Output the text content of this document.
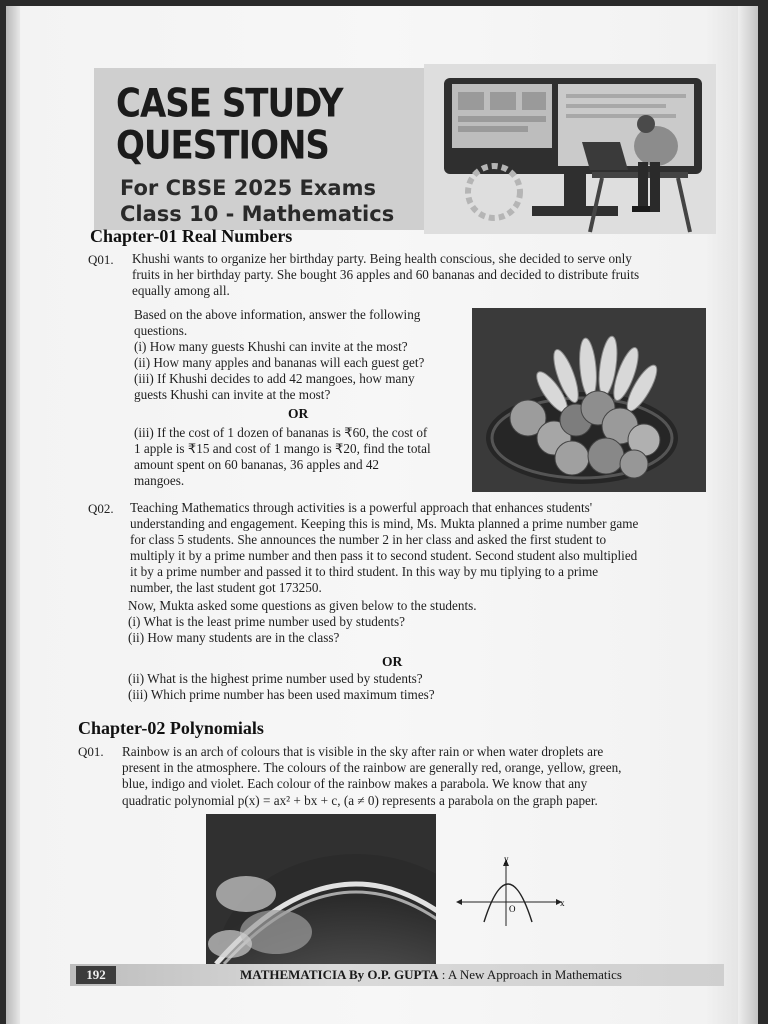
CASE STUDY
QUESTIONS
For CBSE 2025 Exams
Class 10 - Mathematics
Chapter-01 Real Numbers
Q01. Khushi wants to organize her birthday party. Being health conscious, she decided to serve only
fruits in her birthday party. She bought 36 apples and 60 bananas and decided to distribute fruits
equally among all.
Based on the above information, answer the following
questions.
(i) How many guests Khushi can invite at the most?
(ii) How many apples and bananas will each guest get?
(iii) If Khushi decides to add 42 mangoes, how many
guests Khushi can invite at the most?
OR
(iii) If the cost of 1 dozen of bananas is ₹60, the cost of
1 apple is ₹15 and cost of 1 mango is ₹20, find the total
amount spent on 60 bananas, 36 apples and 42
mangoes.
Q02. Teaching Mathematics through activities is a powerful approach that enhances students'
understanding and engagement. Keeping this is mind, Ms. Mukta planned a prime number game
for class 5 students. She announces the number 2 in her class and asked the first student to
multiply it by a prime number and then pass it to second student. Second student also multiplied
it by a prime number and passed it to third student. In this way by mu tiplying to a prime
number, the last student got 173250.
Now, Mukta asked some questions as given below to the students.
(i) What is the least prime number used by students?
(ii) How many students are in the class?
OR
(ii) What is the highest prime number used by students?
(iii) Which prime number has been used maximum times?
Chapter-02 Polynomials
Q01. Rainbow is an arch of colours that is visible in the sky after rain or when water droplets are
present in the atmosphere. The colours of the rainbow are generally red, orange, yellow, green,
blue, indigo and violet. Each colour of the rainbow makes a parabola. We know that any
quadratic polynomial p(x) = ax² + bx + c, (a ≠ 0) represents a parabola on the graph paper.
x
y
O
192	MATHEMATICIA By O.P. GUPTA : A New Approach in Mathematics
